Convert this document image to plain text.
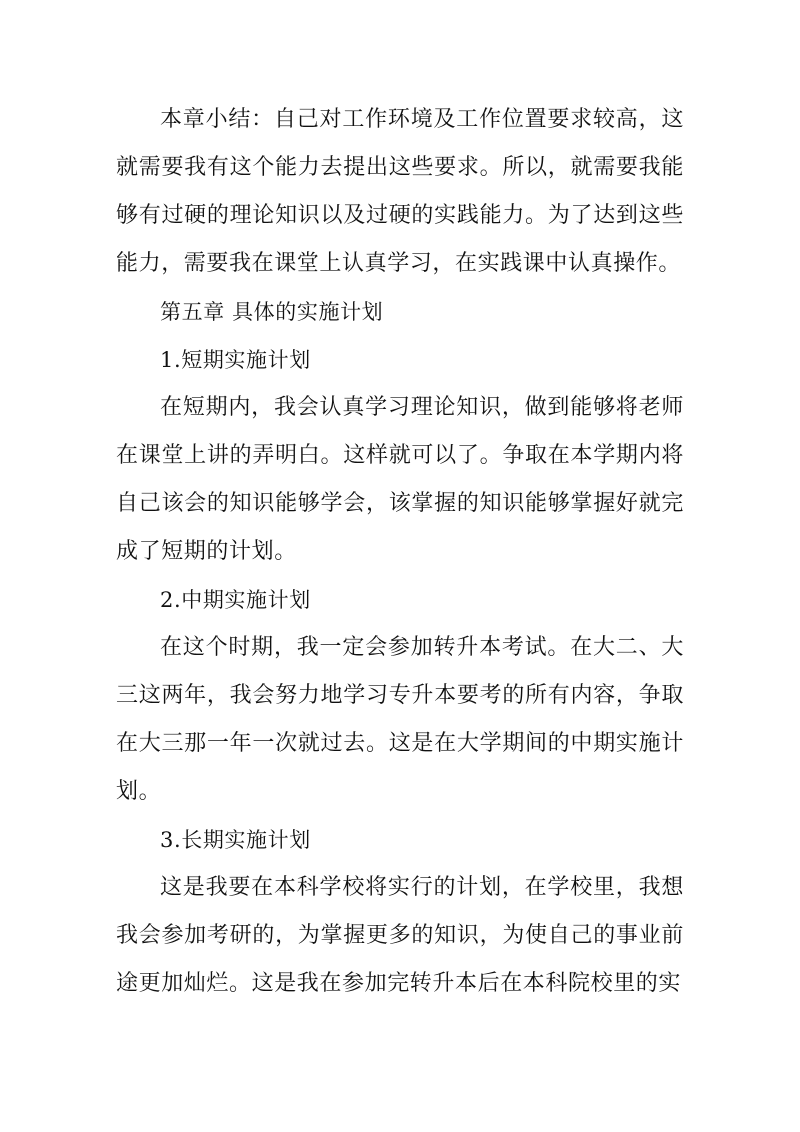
本章小结：自己对工作环境及工作位置要求较高，这就需要我有这个能力去提出这些要求。所以，就需要我能够有过硬的理论知识以及过硬的实践能力。为了达到这些能力，需要我在课堂上认真学习，在实践课中认真操作。

第五章 具体的实施计划

1.短期实施计划

在短期内，我会认真学习理论知识，做到能够将老师在课堂上讲的弄明白。这样就可以了。争取在本学期内将自己该会的知识能够学会，该掌握的知识能够掌握好就完成了短期的计划。

2.中期实施计划

在这个时期，我一定会参加转升本考试。在大二、大三这两年，我会努力地学习专升本要考的所有内容，争取在大三那一年一次就过去。这是在大学期间的中期实施计划。

3.长期实施计划

这是我要在本科学校将实行的计划，在学校里，我想我会参加考研的，为掌握更多的知识，为使自己的事业前途更加灿烂。这是我在参加完转升本后在本科院校里的实
